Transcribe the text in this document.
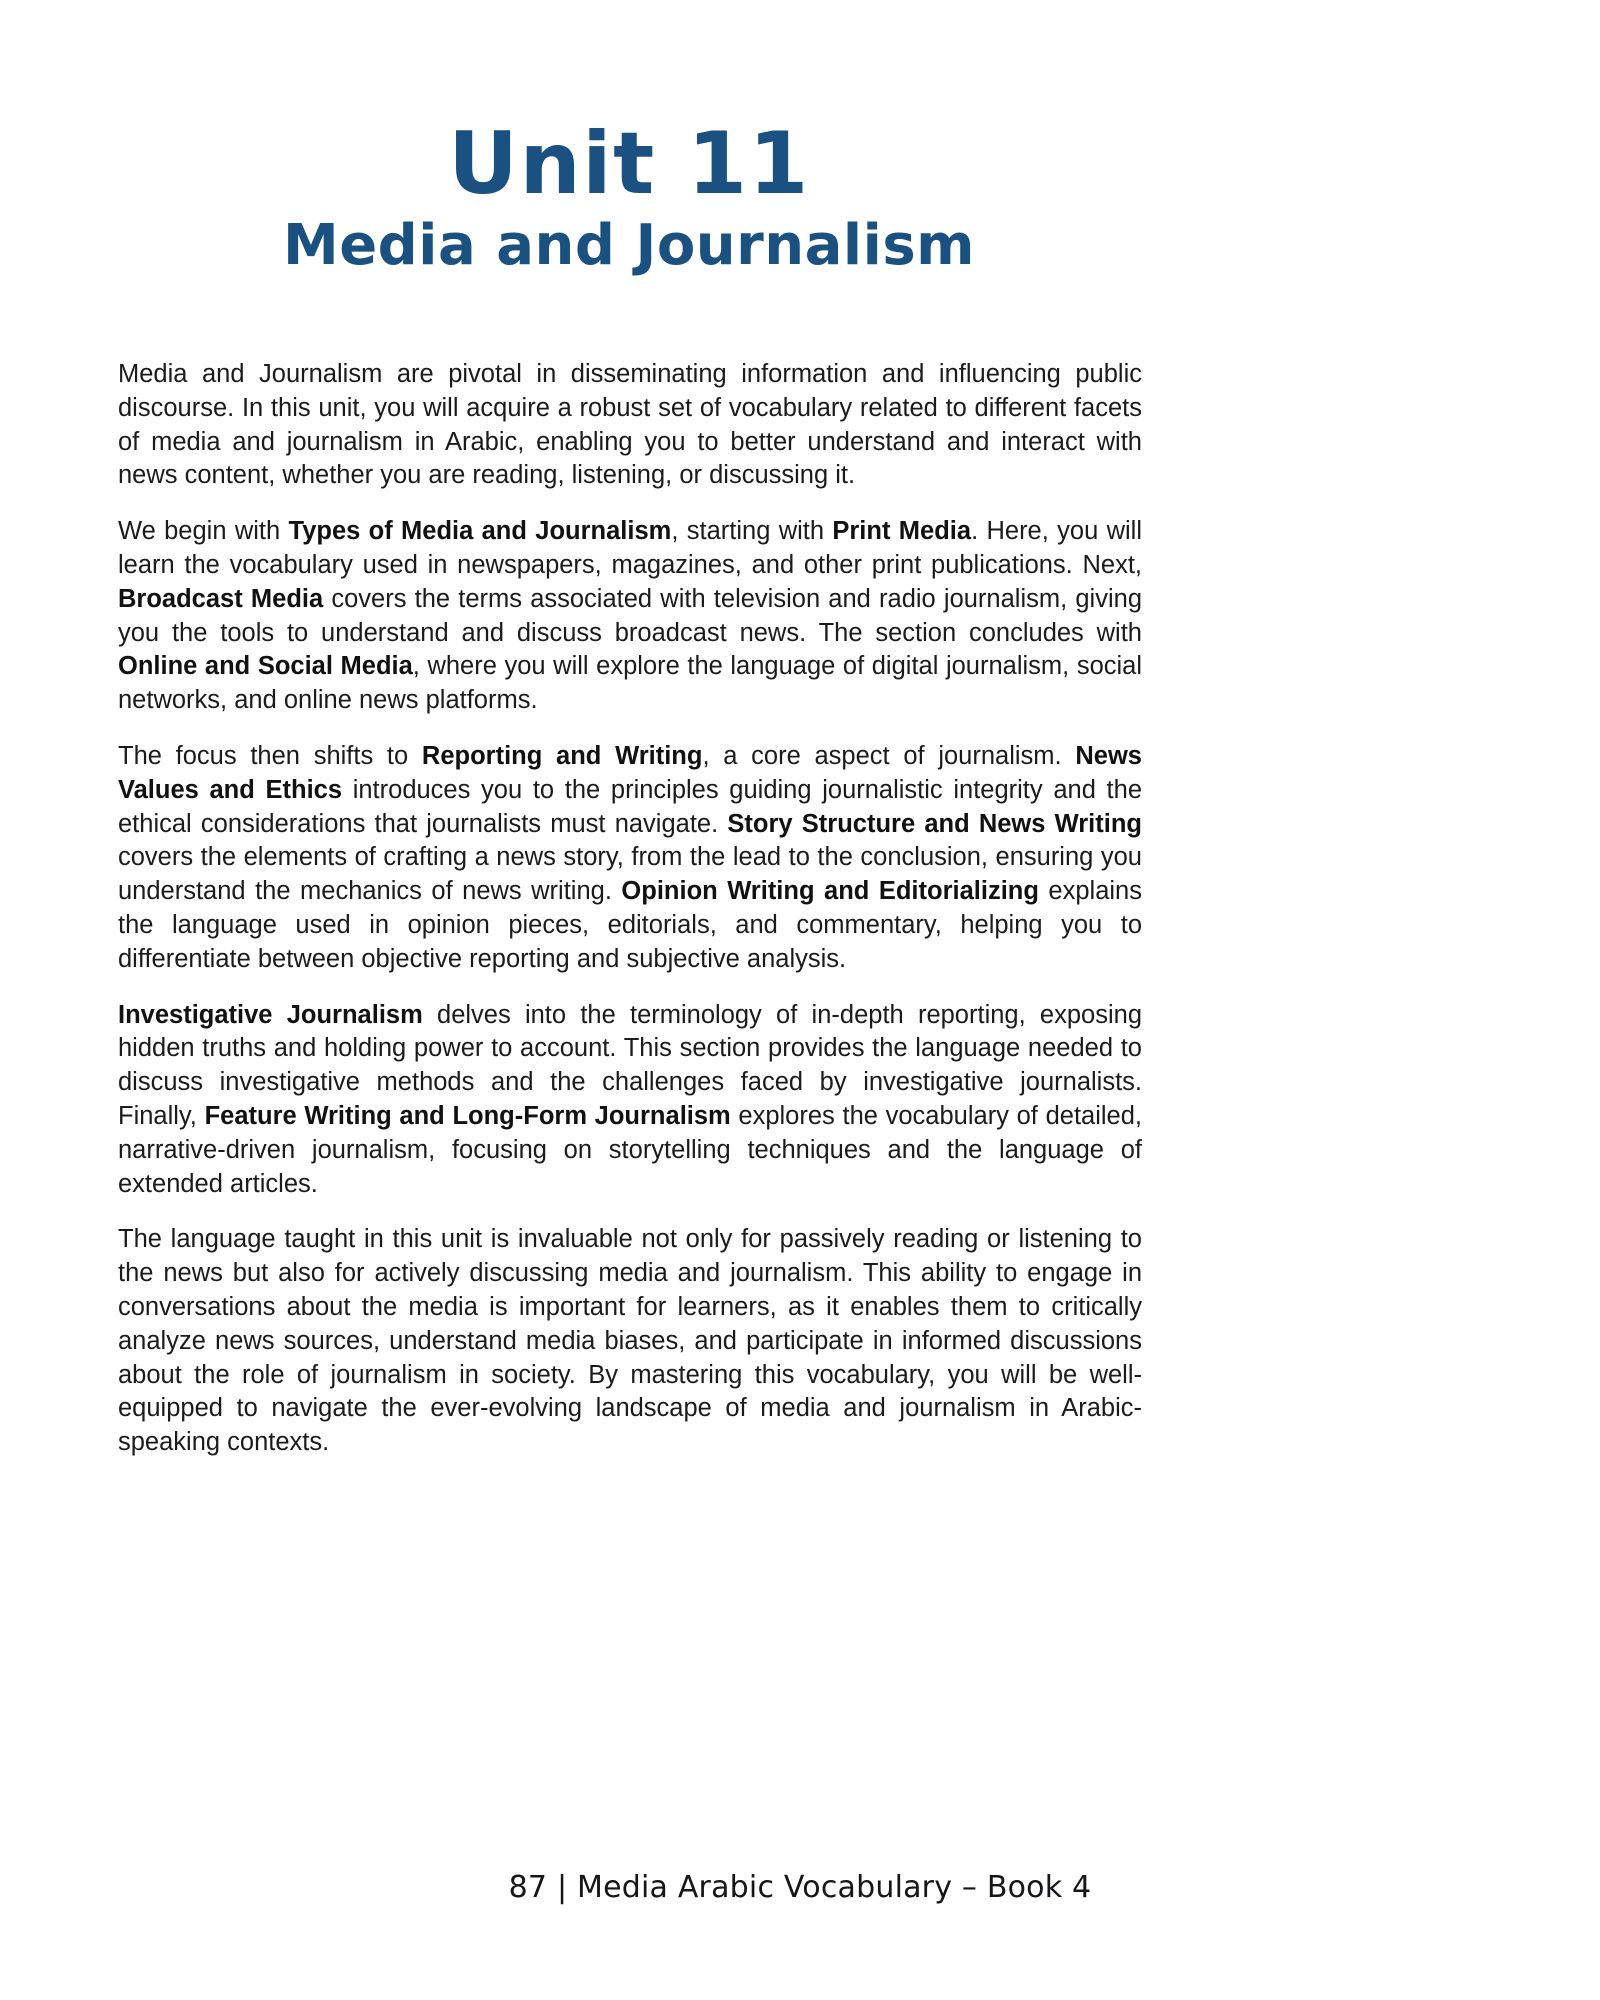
Unit 11
Media and Journalism

Media and Journalism are pivotal in disseminating information and influencing public discourse. In this unit, you will acquire a robust set of vocabulary related to different facets of media and journalism in Arabic, enabling you to better understand and interact with news content, whether you are reading, listening, or discussing it.

We begin with Types of Media and Journalism, starting with Print Media. Here, you will learn the vocabulary used in newspapers, magazines, and other print publications. Next, Broadcast Media covers the terms associated with television and radio journalism, giving you the tools to understand and discuss broadcast news. The section concludes with Online and Social Media, where you will explore the language of digital journalism, social networks, and online news platforms.

The focus then shifts to Reporting and Writing, a core aspect of journalism. News Values and Ethics introduces you to the principles guiding journalistic integrity and the ethical considerations that journalists must navigate. Story Structure and News Writing covers the elements of crafting a news story, from the lead to the conclusion, ensuring you understand the mechanics of news writing. Opinion Writing and Editorializing explains the language used in opinion pieces, editorials, and commentary, helping you to differentiate between objective reporting and subjective analysis.

Investigative Journalism delves into the terminology of in-depth reporting, exposing hidden truths and holding power to account. This section provides the language needed to discuss investigative methods and the challenges faced by investigative journalists. Finally, Feature Writing and Long-Form Journalism explores the vocabulary of detailed, narrative-driven journalism, focusing on storytelling techniques and the language of extended articles.

The language taught in this unit is invaluable not only for passively reading or listening to the news but also for actively discussing media and journalism. This ability to engage in conversations about the media is important for learners, as it enables them to critically analyze news sources, understand media biases, and participate in informed discussions about the role of journalism in society. By mastering this vocabulary, you will be well-equipped to navigate the ever-evolving landscape of media and journalism in Arabic-speaking contexts.

87 | Media Arabic Vocabulary – Book 4
